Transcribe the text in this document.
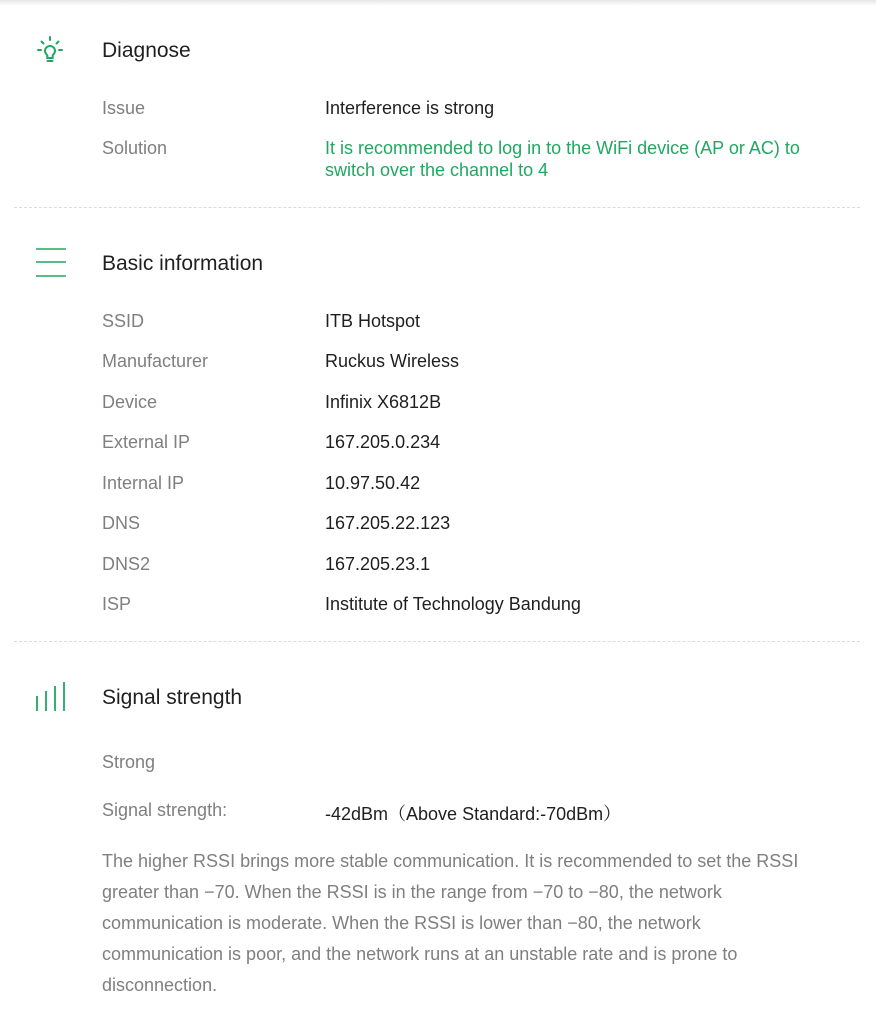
Diagnose
Issue	Interference is strong
Solution	It is recommended to log in to the WiFi device (AP or AC) to switch over the channel to 4
Basic information
SSID	ITB Hotspot
Manufacturer	Ruckus Wireless
Device	Infinix X6812B
External IP	167.205.0.234
Internal IP	10.97.50.42
DNS	167.205.22.123
DNS2	167.205.23.1
ISP	Institute of Technology Bandung
Signal strength
Strong
Signal strength:	-42dBm（Above Standard:-70dBm）
The higher RSSI brings more stable communication. It is recommended to set the RSSI greater than −70. When the RSSI is in the range from −70 to −80, the network communication is moderate. When the RSSI is lower than −80, the network communication is poor, and the network runs at an unstable rate and is prone to disconnection.
